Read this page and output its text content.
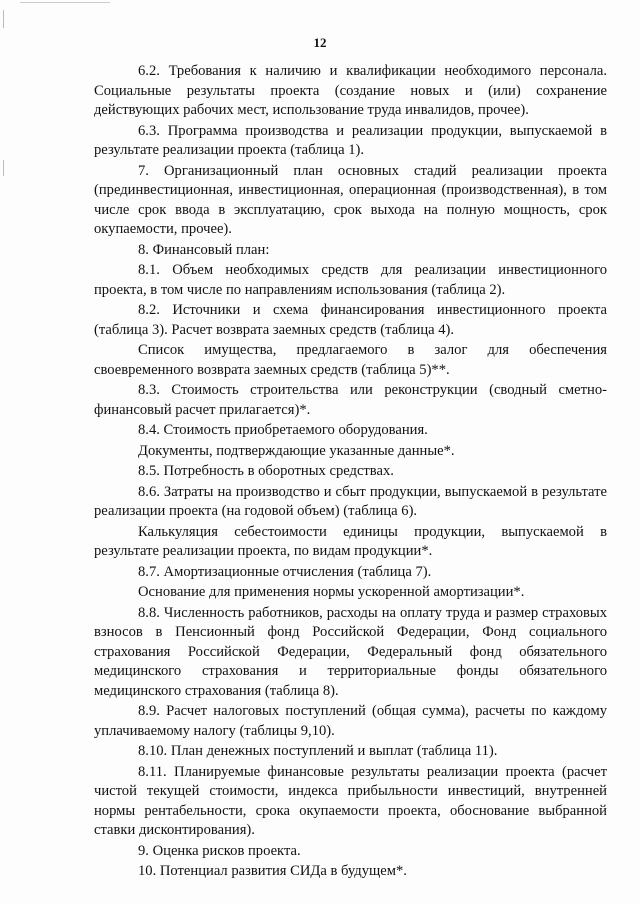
12

6.2. Требования к наличию и квалификации необходимого персонала. Социальные результаты проекта (создание новых и (или) сохранение действующих рабочих мест, использование труда инвалидов, прочее).

6.3. Программа производства и реализации продукции, выпускаемой в результате реализации проекта (таблица 1).

7. Организационный план основных стадий реализации проекта (прединвестиционная, инвестиционная, операционная (производственная), в том числе срок ввода в эксплуатацию, срок выхода на полную мощность, срок окупаемости, прочее).

8. Финансовый план:

8.1. Объем необходимых средств для реализации инвестиционного проекта, в том числе по направлениям использования (таблица 2).

8.2. Источники и схема финансирования инвестиционного проекта (таблица 3). Расчет возврата заемных средств (таблица 4).

Список имущества, предлагаемого в залог для обеспечения своевременного возврата заемных средств (таблица 5)**.

8.3. Стоимость строительства или реконструкции (сводный сметно-финансовый расчет прилагается)*.

8.4. Стоимость приобретаемого оборудования.

Документы, подтверждающие указанные данные*.

8.5. Потребность в оборотных средствах.

8.6. Затраты на производство и сбыт продукции, выпускаемой в результате реализации проекта (на годовой объем) (таблица 6).

Калькуляция себестоимости единицы продукции, выпускаемой в результате реализации проекта, по видам продукции*.

8.7. Амортизационные отчисления (таблица 7).

Основание для применения нормы ускоренной амортизации*.

8.8. Численность работников, расходы на оплату труда и размер страховых взносов в Пенсионный фонд Российской Федерации, Фонд социального страхования Российской Федерации, Федеральный фонд обязательного медицинского страхования и территориальные фонды обязательного медицинского страхования (таблица 8).

8.9. Расчет налоговых поступлений (общая сумма), расчеты по каждому уплачиваемому налогу (таблицы 9,10).

8.10. План денежных поступлений и выплат (таблица 11).

8.11. Планируемые финансовые результаты реализации проекта (расчет чистой текущей стоимости, индекса прибыльности инвестиций, внутренней нормы рентабельности, срока окупаемости проекта, обоснование выбранной ставки дисконтирования).

9. Оценка рисков проекта.

10. Потенциал развития СИДа в будущем*.
